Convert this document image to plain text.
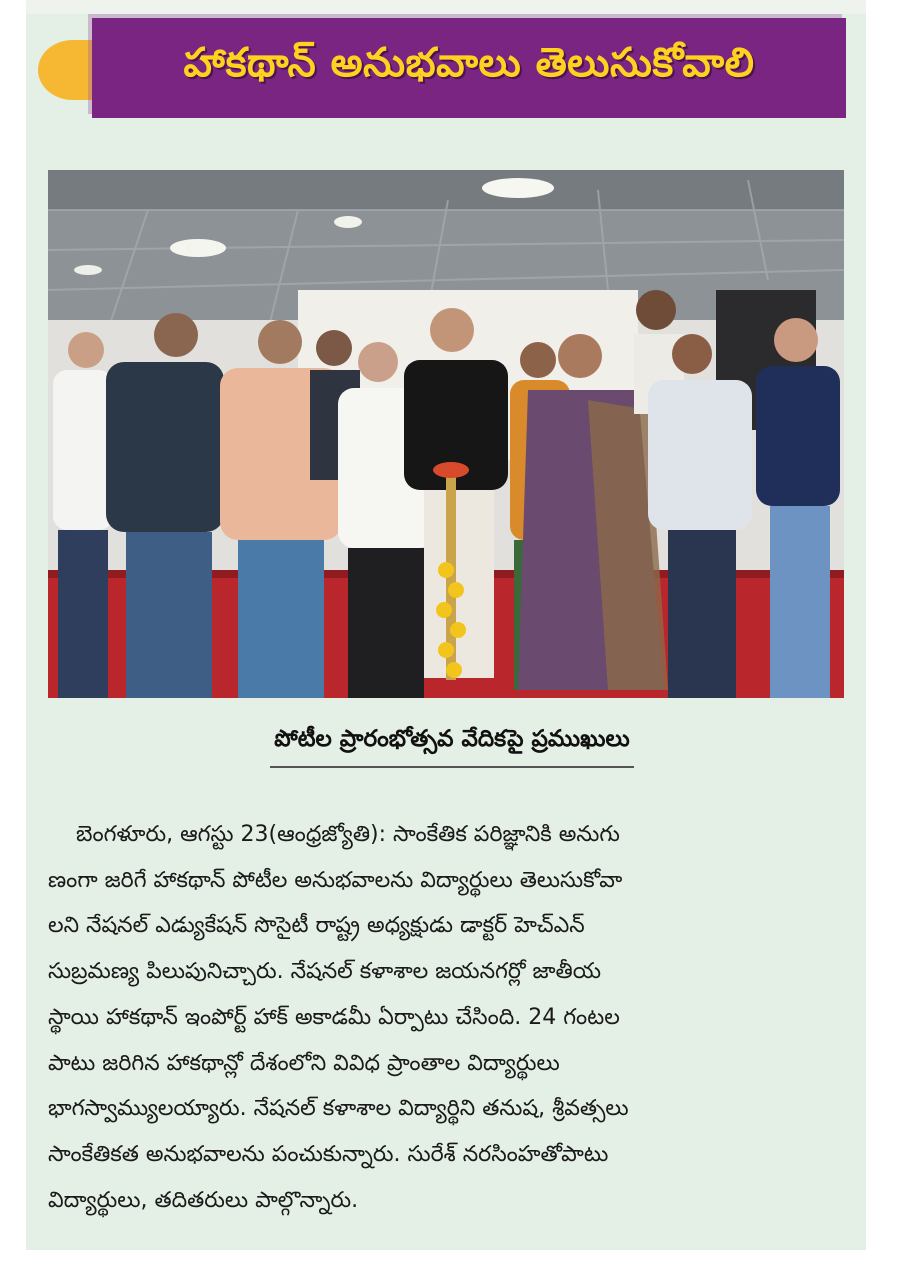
హాకథాన్ అనుభవాలు తెలుసుకోవాలి
పోటీల ప్రారంభోత్సవ వేదికపై ప్రముఖులు
బెంగళూరు, ఆగస్టు 23(ఆంధ్రజ్యోతి): సాంకేతిక పరిజ్ఞానికి అనుగు
ణంగా జరిగే హాకథాన్ పోటీల అనుభవాలను విద్యార్థులు తెలుసుకోవా
లని నేషనల్ ఎడ్యుకేషన్ సొసైటీ రాష్ట్ర అధ్యక్షుడు డాక్టర్ హెచ్ఎన్
సుబ్రమణ్య పిలుపునిచ్చారు. నేషనల్ కళాశాల జయనగర్లో జాతీయ
స్థాయి హాకథాన్ ఇంపోర్ట్ హాక్ అకాడమీ ఏర్పాటు చేసింది. 24 గంటల
పాటు జరిగిన హాకథాన్లో దేశంలోని వివిధ ప్రాంతాల విద్యార్థులు
భాగస్వామ్యులయ్యారు. నేషనల్ కళాశాల విద్యార్థిని తనుష, శ్రీవత్సలు
సాంకేతికత అనుభవాలను పంచుకున్నారు. సురేశ్ నరసింహతోపాటు
విద్యార్థులు, తదితరులు పాల్గొన్నారు.
